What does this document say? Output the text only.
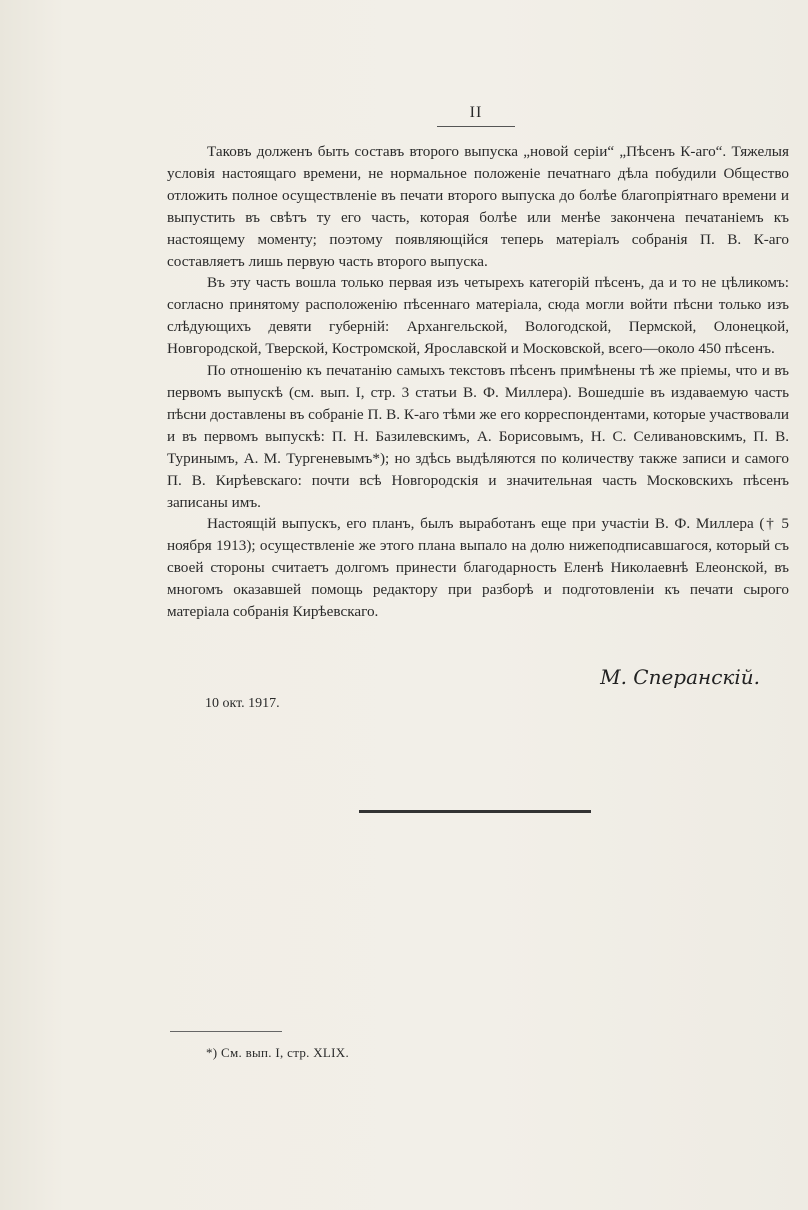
II

Таковъ долженъ быть составъ второго выпуска „новой серіи“ „Пѣсенъ К-аго“. Тяжелыя условія настоящаго времени, не нормальное положеніе печатнаго дѣла побудили Общество отложить полное осуществленіе въ печати второго выпуска до болѣе благопріятнаго времени и выпустить въ свѣтъ ту его часть, которая болѣе или менѣе закончена печатаніемъ къ настоящему моменту; поэтому появляющійся теперь матеріалъ собранія П. В. К-аго составляетъ лишь первую часть второго выпуска.

Въ эту часть вошла только первая изъ четырехъ категорій пѣсенъ, да и то не цѣликомъ: согласно принятому расположенію пѣсеннаго матеріала, сюда могли войти пѣсни только изъ слѣдующихъ девяти губерній: Архангельской, Вологодской, Пермской, Олонецкой, Новгородской, Тверской, Костромской, Ярославской и Московской, всего—около 450 пѣсенъ.

По отношенію къ печатанію самыхъ текстовъ пѣсенъ примѣнены тѣ же пріемы, что и въ первомъ выпускѣ (см. вып. I, стр. 3 статьи В. Ф. Миллера). Вошедшіе въ издаваемую часть пѣсни доставлены въ собраніе П. В. К-аго тѣми же его корреспондентами, которые участвовали и въ первомъ выпускѣ: П. Н. Базилевскимъ, А. Борисовымъ, Н. С. Селивановскимъ, П. В. Туринымъ, А. М. Тургеневымъ*); но здѣсь выдѣляются по количеству также записи и самого П. В. Кирѣевскаго: почти всѣ Новгородскія и значительная часть Московскихъ пѣсенъ записаны имъ.

Настоящій выпускъ, его планъ, былъ выработанъ еще при участіи В. Ф. Миллера († 5 ноября 1913); осуществленіе же этого плана выпало на долю нижеподписавшагося, который съ своей стороны считаетъ долгомъ принести благодарность Еленѣ Николаевнѣ Елеонской, въ многомъ оказавшей помощь редактору при разборѣ и подготовленіи къ печати сырого матеріала собранія Кирѣевскаго.

М. Сперанскій.
10 окт. 1917.
*) См. вып. I, стр. XLIX.
